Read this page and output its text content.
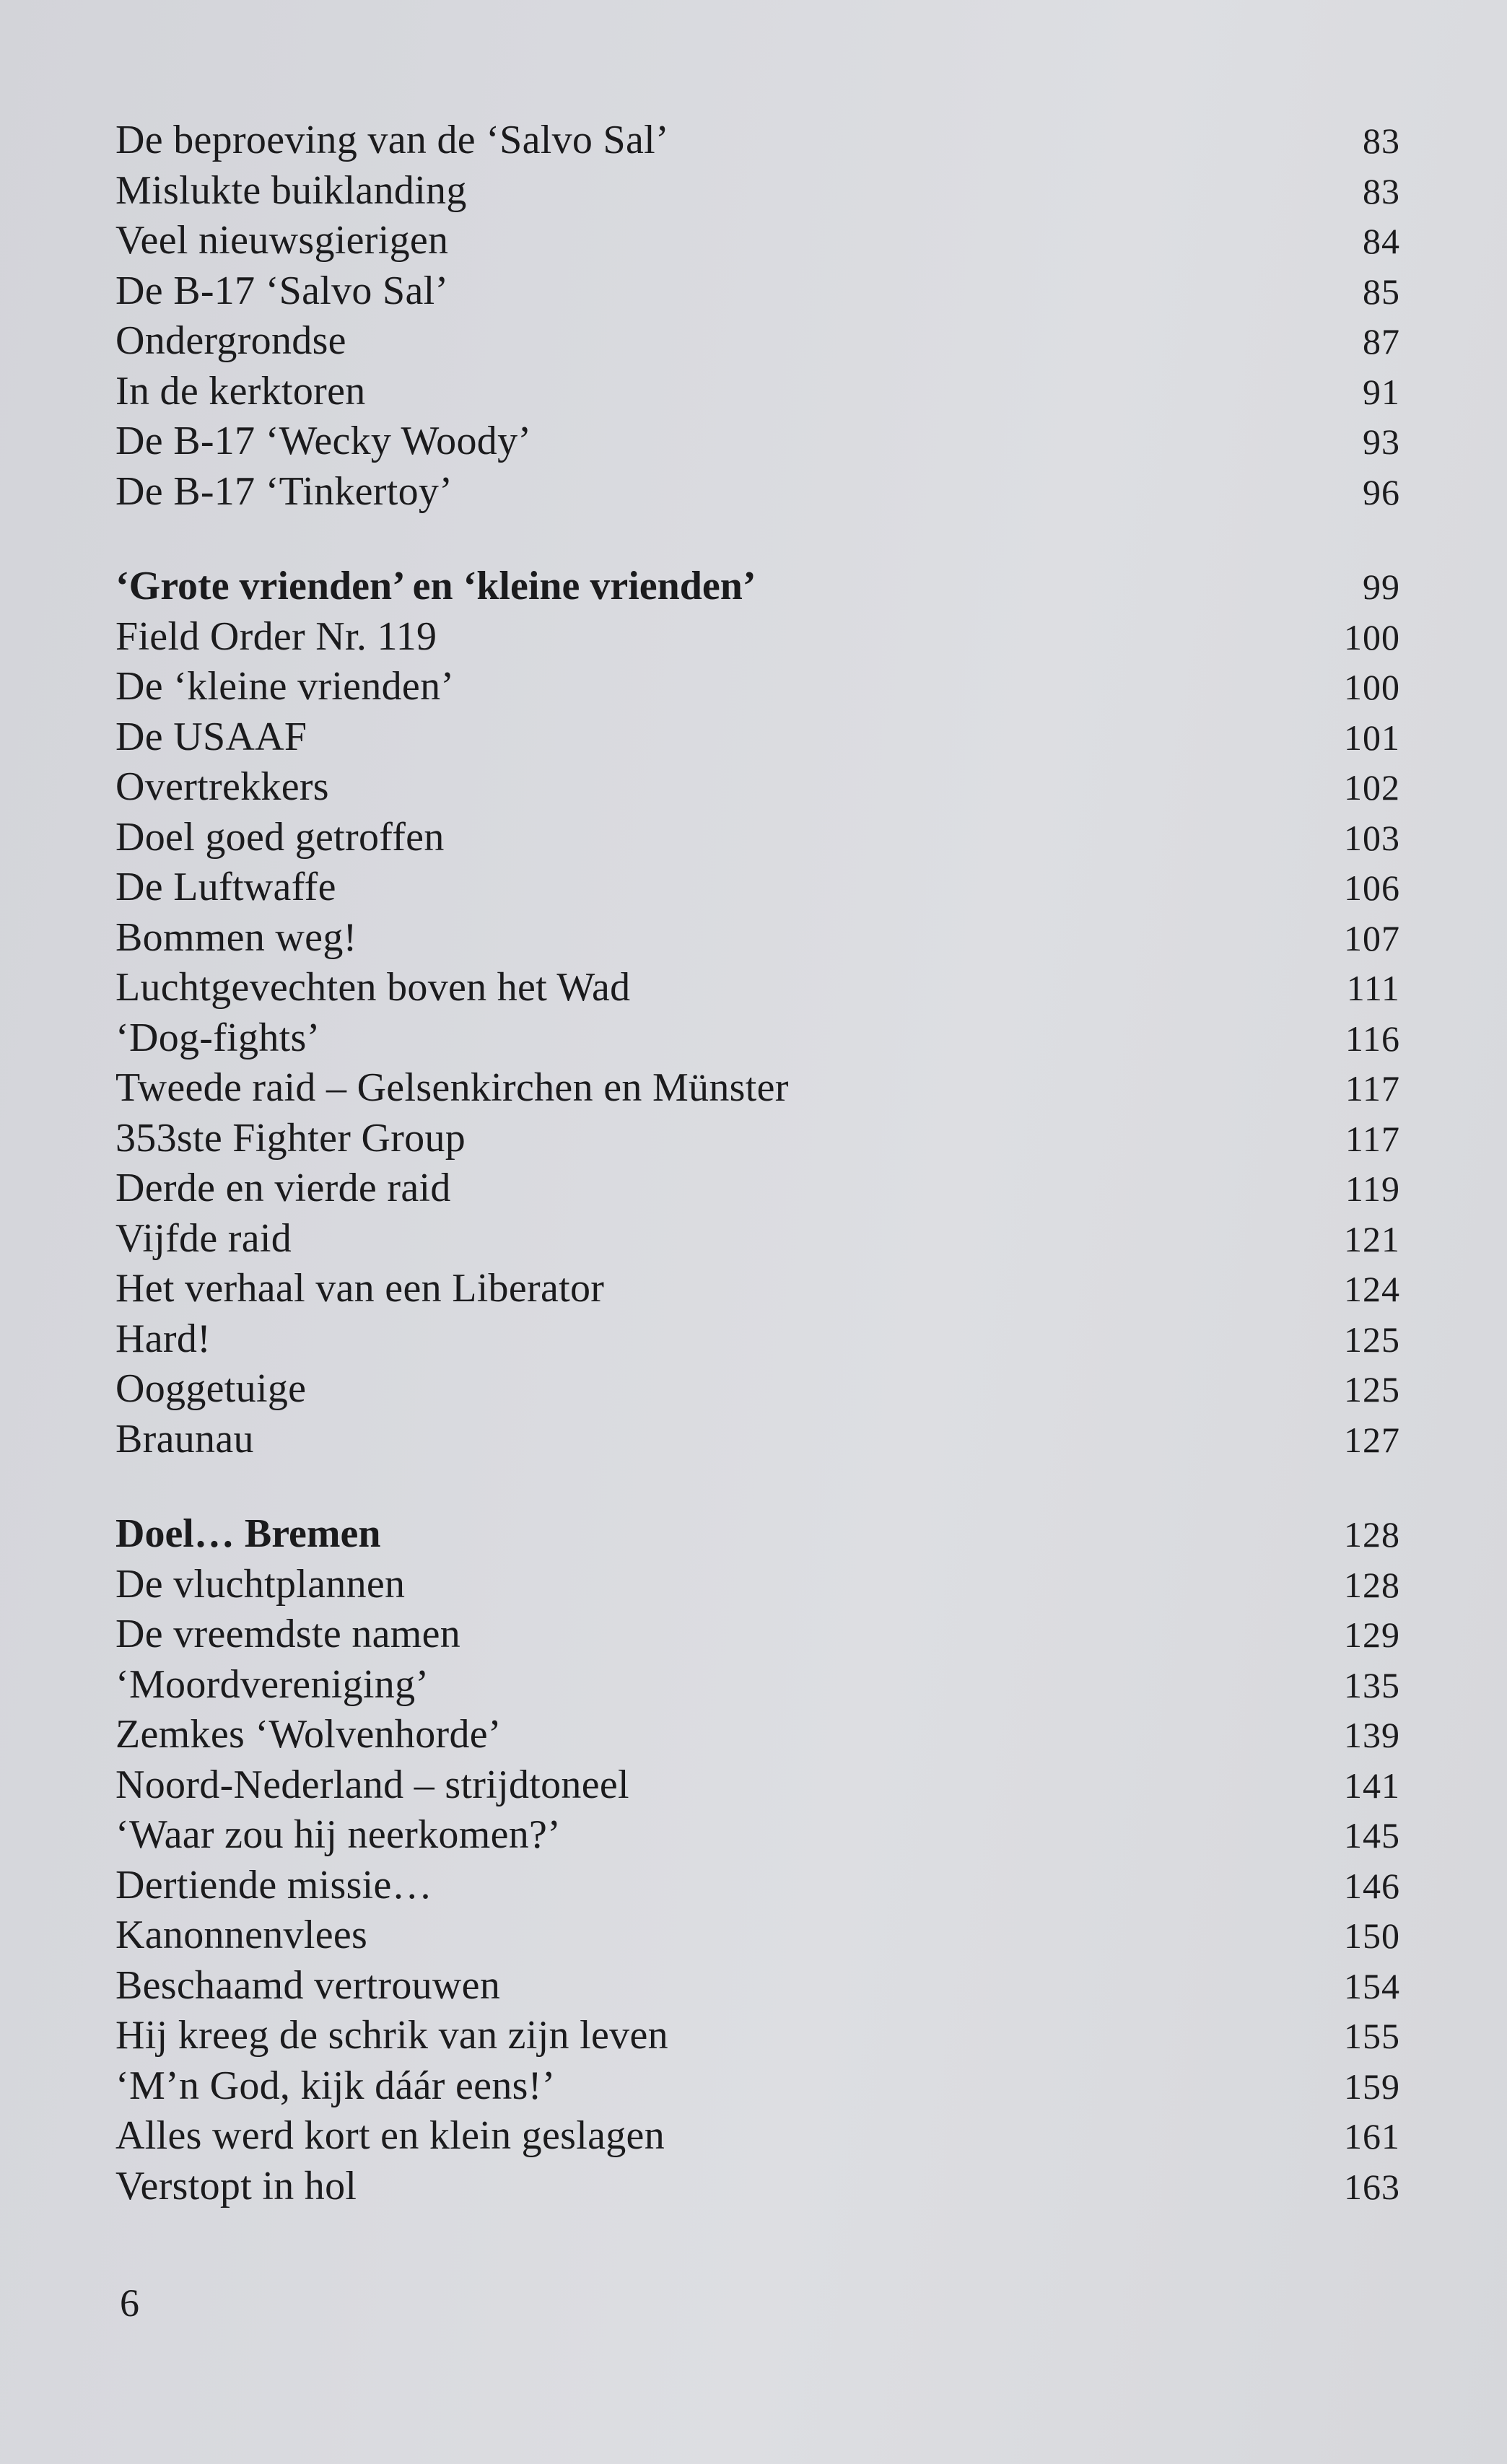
De beproeving van de ‘Salvo Sal’	83
Mislukte buiklanding	83
Veel nieuwsgierigen	84
De B-17 ‘Salvo Sal’	85
Ondergrondse	87
In de kerktoren	91
De B-17 ‘Wecky Woody’	93
De B-17 ‘Tinkertoy’	96
‘Grote vrienden’ en ‘kleine vrienden’	99
Field Order Nr. 119	100
De ‘kleine vrienden’	100
De USAAF	101
Overtrekkers	102
Doel goed getroffen	103
De Luftwaffe	106
Bommen weg!	107
Luchtgevechten boven het Wad	111
‘Dog-fights’	116
Tweede raid – Gelsenkirchen en Münster	117
353ste Fighter Group	117
Derde en vierde raid	119
Vijfde raid	121
Het verhaal van een Liberator	124
Hard!	125
Ooggetuige	125
Braunau	127
Doel… Bremen	128
De vluchtplannen	128
De vreemdste namen	129
‘Moordvereniging’	135
Zemkes ‘Wolvenhorde’	139
Noord-Nederland – strijdtoneel	141
‘Waar zou hij neerkomen?’	145
Dertiende missie…	146
Kanonnenvlees	150
Beschaamd vertrouwen	154
Hij kreeg de schrik van zijn leven	155
‘M’n God, kijk dáár eens!’	159
Alles werd kort en klein geslagen	161
Verstopt in hol	163
6
